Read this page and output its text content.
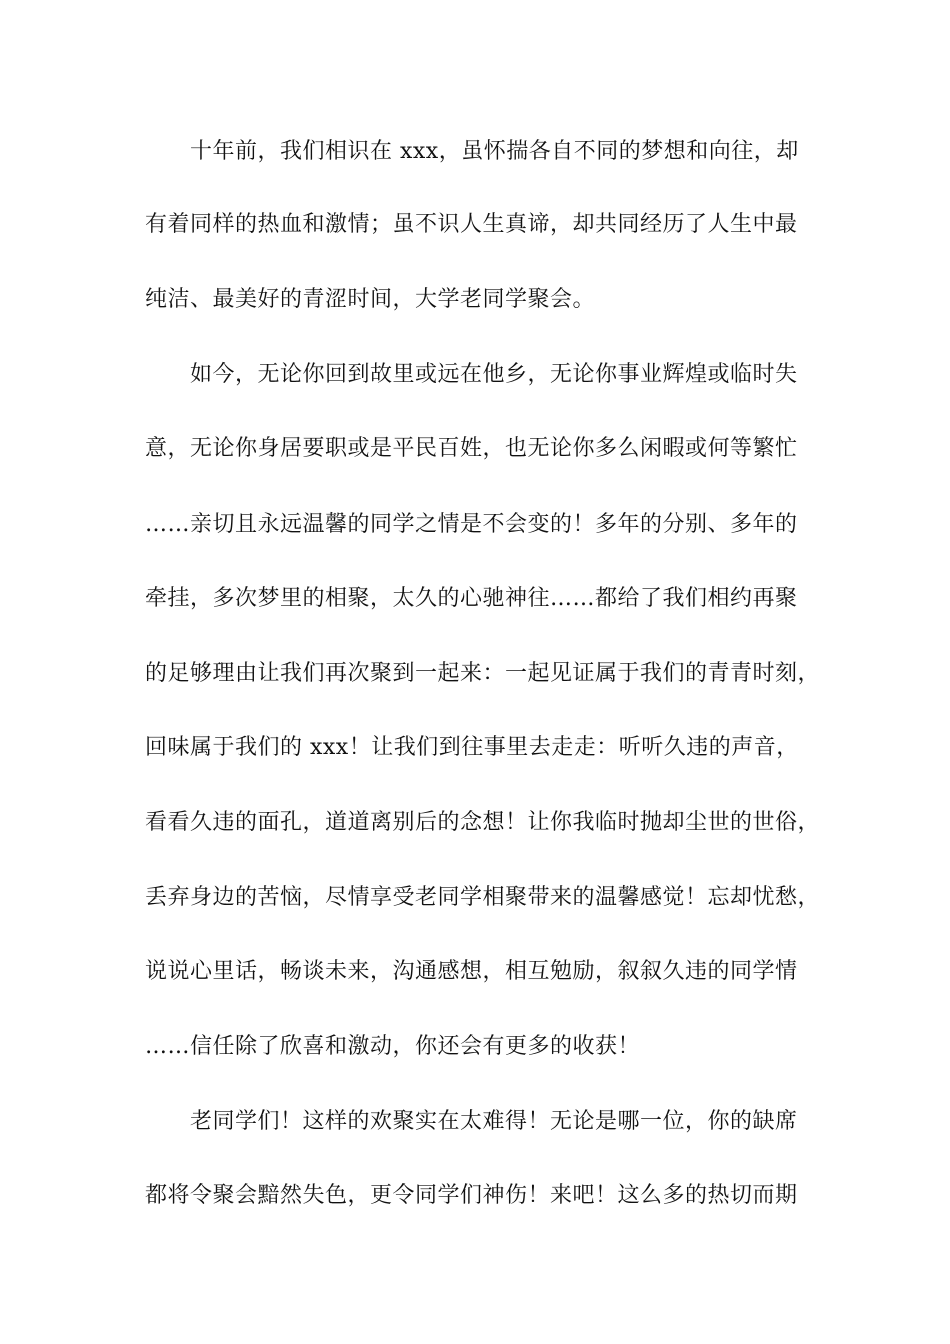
十年前，我们相识在 xxx，虽怀揣各自不同的梦想和向往，却
有着同样的热血和激情；虽不识人生真谛，却共同经历了人生中最
纯洁、最美好的青涩时间，大学老同学聚会。
如今，无论你回到故里或远在他乡，无论你事业辉煌或临时失
意，无论你身居要职或是平民百姓，也无论你多么闲暇或何等繁忙
……亲切且永远温馨的同学之情是不会变的！多年的分别、多年的
牵挂，多次梦里的相聚，太久的心驰神往……都给了我们相约再聚
的足够理由让我们再次聚到一起来：一起见证属于我们的青青时刻，
回味属于我们的 xxx！让我们到往事里去走走：听听久违的声音，
看看久违的面孔，道道离别后的念想！让你我临时抛却尘世的世俗，
丢弃身边的苦恼，尽情享受老同学相聚带来的温馨感觉！忘却忧愁，
说说心里话，畅谈未来，沟通感想，相互勉励，叙叙久违的同学情
……信任除了欣喜和激动，你还会有更多的收获！
老同学们！这样的欢聚实在太难得！无论是哪一位，你的缺席
都将令聚会黯然失色，更令同学们神伤！来吧！这么多的热切而期
